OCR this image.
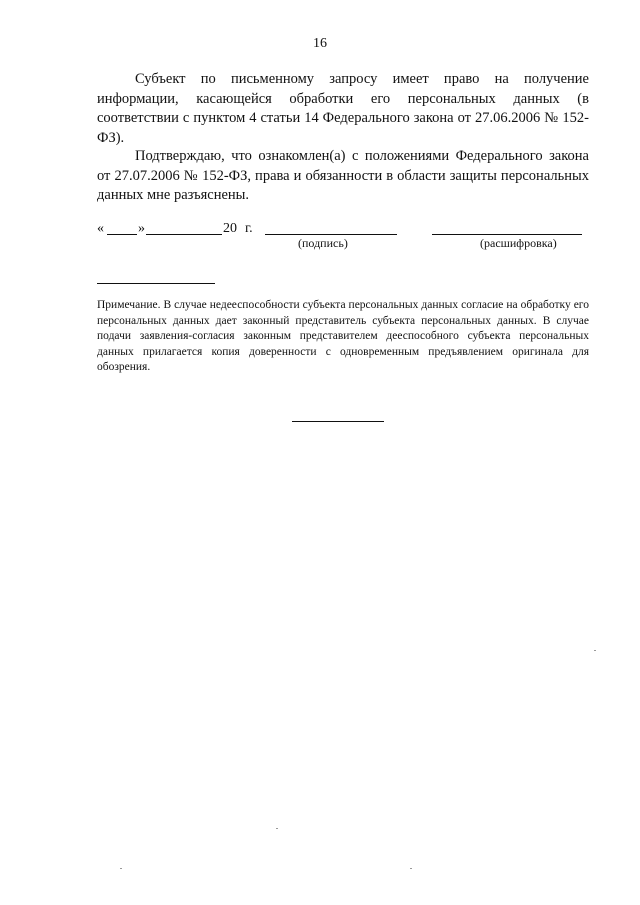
16

Субъект по письменному запросу имеет право на получение информации, касающейся обработки его персональных данных (в соответствии с пунктом 4 статьи 14 Федерального закона от 27.06.2006 № 152-ФЗ).

Подтверждаю, что ознакомлен(а) с положениями Федерального закона от 27.07.2006 № 152-ФЗ, права и обязанности в области защиты персональных данных мне разъяснены.

« »	20 г.
(подпись)	(расшифровка)

Примечание. В случае недееспособности субъекта персональных данных согласие на обработку его персональных данных дает законный представитель субъекта персональных данных. В случае подачи заявления-согласия законным представителем дееспособного субъекта персональных данных прилагается копия доверенности с одновременным предъявлением оригинала для обозрения.
